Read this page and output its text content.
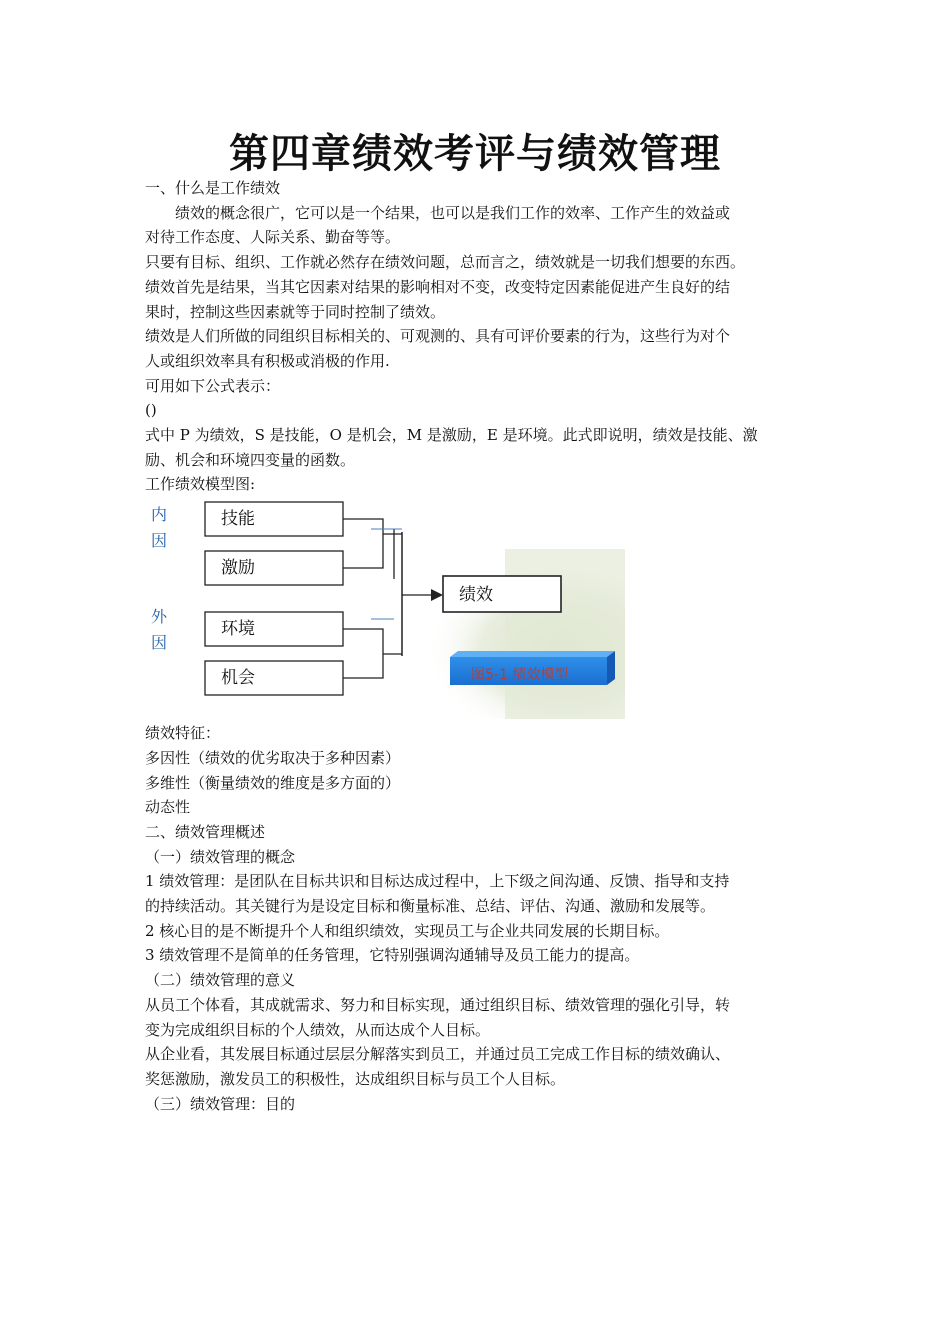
第四章绩效考评与绩效管理

一、什么是工作绩效

绩效的概念很广，它可以是一个结果，也可以是我们工作的效率、工作产生的效益或

对待工作态度、人际关系、勤奋等等。

只要有目标、组织、工作就必然存在绩效问题，总而言之，绩效就是一切我们想要的东西。

绩效首先是结果，当其它因素对结果的影响相对不变，改变特定因素能促进产生良好的结

果时，控制这些因素就等于同时控制了绩效。

绩效是人们所做的同组织目标相关的、可观测的、具有可评价要素的行为，这些行为对个

人或组织效率具有积极或消极的作用.

可用如下公式表示：

()

式中 P 为绩效，S 是技能，O 是机会，M 是激励，E 是环境。此式即说明，绩效是技能、激

励、机会和环境四变量的函数。

工作绩效模型图:

内因
外因
技能
激励
环境
机会
绩效
图5-1 绩效模型

绩效特征：

多因性（绩效的优劣取决于多种因素）

多维性（衡量绩效的维度是多方面的）

动态性

二、绩效管理概述

（一）绩效管理的概念

1 绩效管理：是团队在目标共识和目标达成过程中，上下级之间沟通、反馈、指导和支持

的持续活动。其关键行为是设定目标和衡量标准、总结、评估、沟通、激励和发展等。

2 核心目的是不断提升个人和组织绩效，实现员工与企业共同发展的长期目标。

3 绩效管理不是简单的任务管理，它特别强调沟通辅导及员工能力的提高。

（二）绩效管理的意义

从员工个体看，其成就需求、努力和目标实现，通过组织目标、绩效管理的强化引导，转

变为完成组织目标的个人绩效，从而达成个人目标。

从企业看，其发展目标通过层层分解落实到员工，并通过员工完成工作目标的绩效确认、

奖惩激励，激发员工的积极性，达成组织目标与员工个人目标。

（三）绩效管理：目的
